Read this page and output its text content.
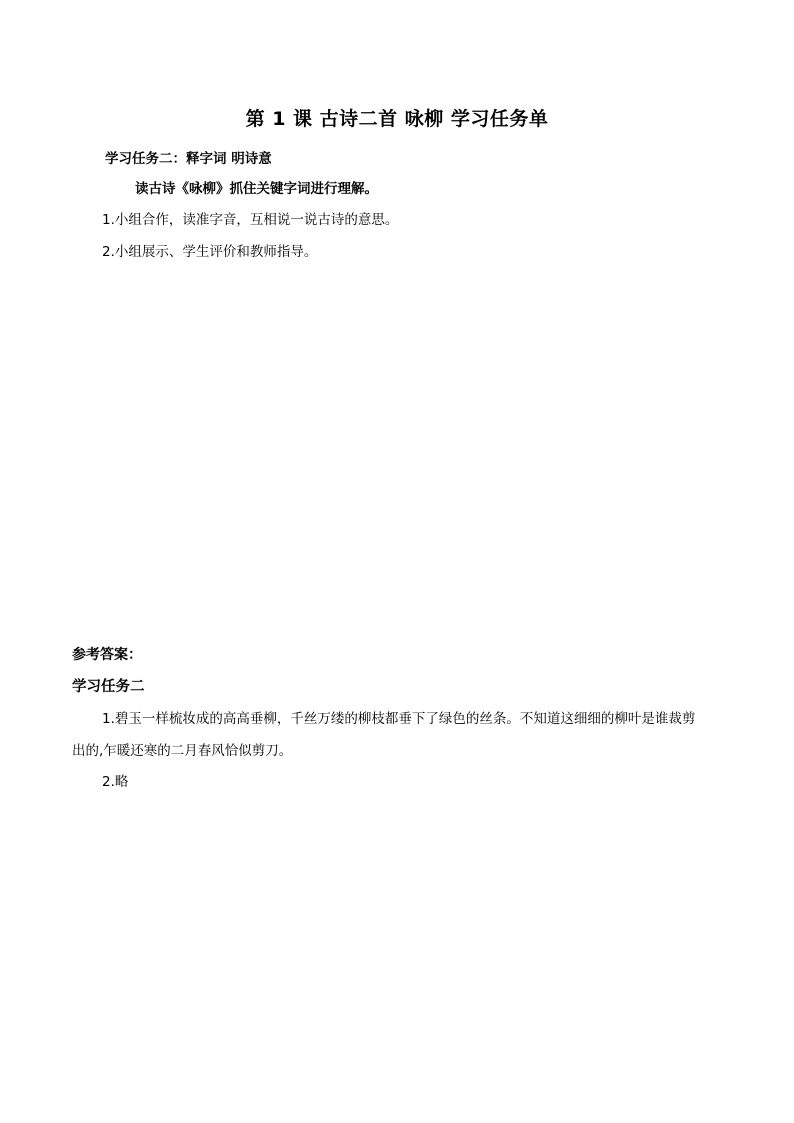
第 1 课 古诗二首 咏柳 学习任务单
学习任务二：释字词 明诗意
读古诗《咏柳》抓住关键字词进行理解。
1.小组合作，读准字音，互相说一说古诗的意思。
2.小组展示、学生评价和教师指导。
参考答案：
学习任务二
1.碧玉一样梳妆成的高高垂柳，千丝万缕的柳枝都垂下了绿色的丝条。不知道这细细的柳叶是谁裁剪
出的,乍暖还寒的二月春风恰似剪刀。
2.略
